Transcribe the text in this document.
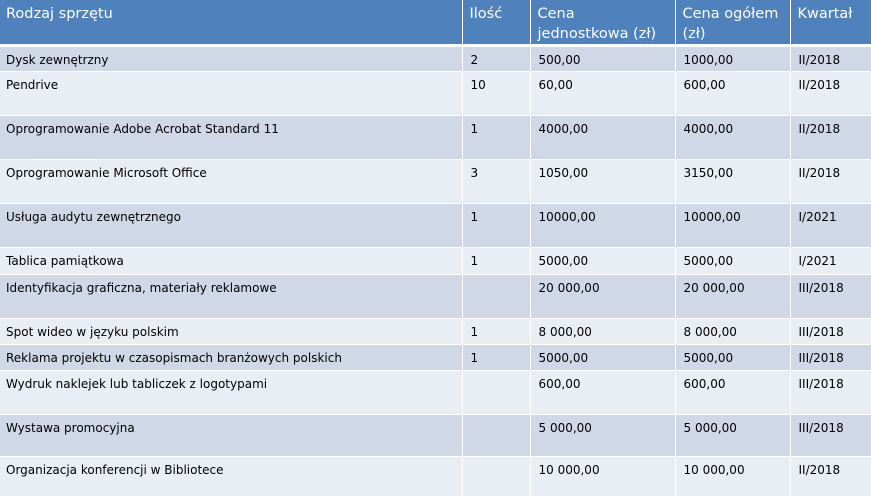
Rodzaj sprzętu	Ilość	Cena jednostkowa (zł)	Cena ogółem (zł)	Kwartał
Dysk zewnętrzny	2	500,00	1000,00	II/2018
Pendrive	10	60,00	600,00	II/2018
Oprogramowanie Adobe Acrobat Standard 11	1	4000,00	4000,00	II/2018
Oprogramowanie Microsoft Office	3	1050,00	3150,00	II/2018
Usługa audytu zewnętrznego	1	10000,00	10000,00	I/2021
Tablica pamiątkowa	1	5000,00	5000,00	I/2021
Identyfikacja graficzna, materiały reklamowe		20 000,00	20 000,00	III/2018
Spot wideo w języku polskim	1	8 000,00	8 000,00	III/2018
Reklama projektu w czasopismach branżowych polskich	1	5000,00	5000,00	III/2018
Wydruk naklejek lub tabliczek z logotypami		600,00	600,00	III/2018
Wystawa promocyjna		5 000,00	5 000,00	III/2018
Organizacja konferencji w Bibliotece		10 000,00	10 000,00	II/2018
